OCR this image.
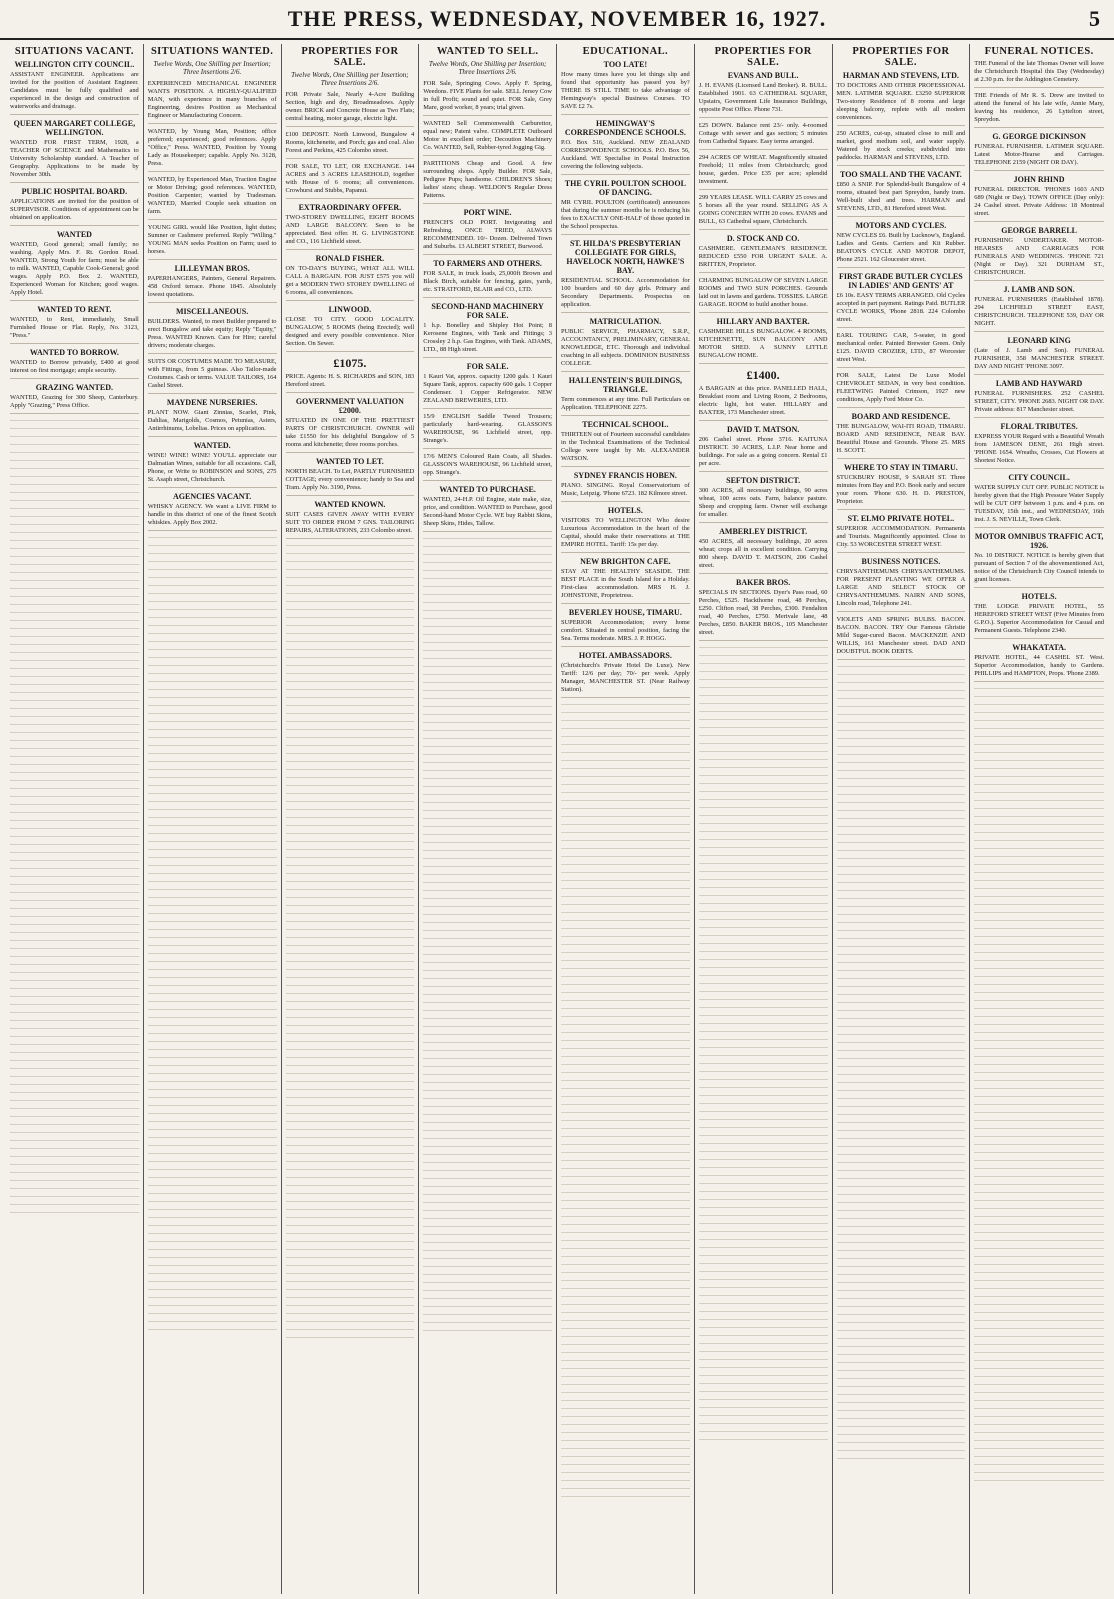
THE PRESS, WEDNESDAY, NOVEMBER 16, 1927.	5
SITUATIONS VACANT.
WELLINGTON CITY COUNCIL.
ASSISTANT ENGINEER. Applications are invited for the position of Assistant Engineer. Candidates must be fully qualified and experienced in the design and construction of waterworks and drainage.
QUEEN MARGARET COLLEGE, WELLINGTON.
WANTED FOR FIRST TERM, 1928, a TEACHER OF SCIENCE and Mathematics to University Scholarship standard. A Teacher of Geography. Applications to be made by November 30th.
PUBLIC HOSPITAL BOARD.
APPLICATIONS are invited for the position of SUPERVISOR. Conditions of appointment can be obtained on application.
WANTED
WANTED, Good general; small family; no washing. Apply Mrs. F. Rt. Gordon Road. WANTED, Strong Youth for farm; must be able to milk. WANTED, Capable Cook-General; good wages. Apply P.O. Box 2. WANTED, Experienced Woman for Kitchen; good wages. Apply Hotel.
WANTED TO RENT.
WANTED, to Rent, immediately, Small Furnished House or Flat. Reply, No. 3123, "Press."
WANTED TO BORROW.
WANTED to Borrow privately, £400 at good interest on first mortgage; ample security.
GRAZING WANTED.
WANTED, Grazing for 300 Sheep, Canterbury. Apply "Grazing," Press Office.
SITUATIONS WANTED.
Twelve Words, One Shilling per Insertion; Three Insertions 2/6.
EXPERIENCED MECHANICAL ENGINEER WANTS POSITION. A HIGHLY-QUALIFIED MAN, with experience in many branches of Engineering, desires Position as Mechanical Engineer or Manufacturing Concern.
WANTED, by Young Man, Position; office preferred; experienced; good references. Apply "Office," Press. WANTED, Position by Young Lady as Housekeeper; capable. Apply No. 3128, Press.
WANTED, by Experienced Man, Traction Engine or Motor Driving; good references. WANTED, Position Carpenter; wanted by Tradesman. WANTED, Married Couple seek situation on farm.
YOUNG GIRL would like Position, light duties; Sumner or Cashmere preferred. Reply "Willing." YOUNG MAN seeks Position on Farm; used to horses.
LILLEYMAN BROS.
PAPERHANGERS, Painters, General Repairers. 458 Oxford terrace. Phone 1845. Absolutely lowest quotations.
MISCELLANEOUS.
BUILDERS. Wanted, to meet Builder prepared to erect Bungalow and take equity; Reply "Equity," Press. WANTED Known. Cars for Hire; careful drivers; moderate charges.
SUITS OR COSTUMES MADE TO MEASURE, with Fittings, from 5 guineas. Also Tailor-made Costumes. Cash or terms. VALUE TAILORS, 164 Cashel Street.
MAYDENE NURSERIES.
PLANT NOW. Giant Zinnias, Scarlet, Pink, Dahlias, Marigolds, Cosmos, Petunias, Asters, Antirrhinums, Lobelias. Prices on application.
WANTED.
WINE! WINE! WINE! YOU'LL appreciate our Dalmatian Wines, suitable for all occasions. Call, Phone, or Write to ROBINSON and SONS, 275 St. Asaph street, Christchurch.
AGENCIES VACANT.
WHISKY AGENCY. We want a LIVE FIRM to handle in this district of one of the finest Scotch whiskies. Apply Box 2002.
PROPERTIES FOR SALE.
Twelve Words, One Shilling per Insertion; Three Insertions 2/6.
FOR Private Sale, Nearly 4-Acre Building Section, high and dry, Broadmeadows. Apply owner. BRICK and Concrete House as Two Flats; central heating, motor garage, electric light.
£100 DEPOSIT. North Linwood, Bungalow 4 Rooms, kitchenette, and Porch; gas and coal. Also Forest and Perkins, 425 Colombo street.
FOR SALE, TO LET, OR EXCHANGE. 144 ACRES and 3 ACRES LEASEHOLD, together with House of 6 rooms; all conveniences. Crowhurst and Stubbs, Papanui.
EXTRAORDINARY OFFER.
TWO-STOREY DWELLING, EIGHT ROOMS AND LARGE BALCONY. Seen to be appreciated. Best offer. H. G. LIVINGSTONE and CO., 116 Lichfield street.
RONALD FISHER.
ON TO-DAY'S BUYING, WHAT ALL WILL CALL A BARGAIN. FOR JUST £575 you will get a MODERN TWO STOREY DWELLING of 6 rooms, all conveniences.
LINWOOD.
CLOSE TO CITY. GOOD LOCALITY. BUNGALOW, 5 ROOMS (being Erected); well designed and every possible convenience. Nice Section. On Sewer.
£1075.
PRICE. Agents: H. S. RICHARDS and SON, 183 Hereford street.
GOVERNMENT VALUATION £2000.
SITUATED IN ONE OF THE PRETTIEST PARTS OF CHRISTCHURCH. OWNER will take £1550 for his delightful Bungalow of 5 rooms and kitchenette; three rooms porches.
WANTED TO LET.
NORTH BEACH. To Let, PARTLY FURNISHED COTTAGE; every convenience; handy to Sea and Tram. Apply No. 3190, Press.
WANTED KNOWN.
SUIT CASES GIVEN AWAY WITH EVERY SUIT TO ORDER FROM 7 GNS. TAILORING REPAIRS, ALTERATIONS, 233 Colombo street.
WANTED TO SELL.
Twelve Words, One Shilling per Insertion; Three Insertions 2/6.
FOR Sale, Springing Cows. Apply F. Spring, Weedons. FIVE Plants for sale. SELL Jersey Cow in full Profit; sound and quiet. FOR Sale, Grey Mare, good worker, 8 years; trial given.
WANTED Sell Commonwealth Carburettor, equal new; Patent valve. COMPLETE Outboard Motor in excellent order; Decoution Machinery Co. WANTED, Sell, Rubber-tyred Jogging Gig.
PARTITIONS Cheap and Good. A few surrounding shops. Apply Builder. FOR Sale, Pedigree Pups; handsome. CHILDREN'S Shoes; ladies' sizes; cheap. WELDON'S Regular Dress Patterns.
PORT WINE.
FRENCH'S OLD PORT. Invigorating and Refreshing. ONCE TRIED, ALWAYS RECOMMENDED. 10/- Dozen. Delivered Town and Suburbs. 13 ALBERT STREET, Burwood.
TO FARMERS AND OTHERS.
FOR SALE, in truck loads, 25,000ft Brown and Black Birch, suitable for fencing, gates, yards, etc. STRATFORD, BLAIR and CO., LTD.
SECOND-HAND MACHINERY FOR SALE.
1 h.p. Bonelley and Shipley Hot Point; 8 Kerosene Engines, with Tank and Fittings; 3 Crossley 2 h.p. Gas Engines, with Tank. ADAMS, LTD., 88 High street.
FOR SALE.
1 Kauri Vat, approx. capacity 1200 gals. 1 Kauri Square Tank, approx. capacity 600 gals. 1 Copper Condenser. 1 Copper Refrigerator. NEW ZEALAND BREWERIES, LTD.
15/9 ENGLISH Saddle Tweed Trousers; particularly hard-wearing. GLASSON'S WAREHOUSE, 96 Lichfield street, opp. Strange's.
17/6 MEN'S Coloured Rain Coats, all Shades. GLASSON'S WAREHOUSE, 96 Lichfield street, opp. Strange's.
WANTED TO PURCHASE.
WANTED, 24-H.P. Oil Engine, state make, size, price, and condition. WANTED to Purchase, good Second-hand Motor Cycle. WE buy Rabbit Skins, Sheep Skins, Hides, Tallow.
EDUCATIONAL.
TOO LATE!
How many times have you let things slip and found that opportunity has passed you by? THERE IS STILL TIME to take advantage of Hemingway's special Business Courses. TO SAVE £2 7s.
HEMINGWAY'S CORRESPONDENCE SCHOOLS.
P.O. Box 516, Auckland. NEW ZEALAND CORRESPONDENCE SCHOOLS. P.O. Box 56, Auckland. WE Specialise in Postal Instruction covering the following subjects.
THE CYRIL POULTON SCHOOL OF DANCING.
MR CYRIL POULTON (certificated) announces that during the summer months he is reducing his fees to EXACTLY ONE-HALF of those quoted in the School prospectus.
ST. HILDA'S PRESBYTERIAN COLLEGIATE FOR GIRLS, HAVELOCK NORTH, HAWKE'S BAY.
RESIDENTIAL SCHOOL. Accommodation for 100 boarders and 60 day girls. Primary and Secondary Departments. Prospectus on application.
MATRICULATION.
PUBLIC SERVICE, PHARMACY, S.R.P., ACCOUNTANCY, PRELIMINARY, GENERAL KNOWLEDGE, ETC. Thorough and individual coaching in all subjects. DOMINION BUSINESS COLLEGE.
HALLENSTEIN'S BUILDINGS, TRIANGLE.
Term commences at any time. Full Particulars on Application. TELEPHONE 2275.
TECHNICAL SCHOOL.
THIRTEEN out of Fourteen successful candidates in the Technical Examinations of the Technical College were taught by Mr. ALEXANDER WATSON.
SYDNEY FRANCIS HOBEN.
PIANO. SINGING. Royal Conservatorium of Music, Leipzig. 'Phone 6723. 182 Kilmore street.
HOTELS.
VISITORS TO WELLINGTON Who desire Luxurious Accommodation in the heart of the Capital, should make their reservations at THE EMPIRE HOTEL. Tariff: 15s per day.
NEW BRIGHTON CAFE.
STAY AT THE HEALTHY SEASIDE. THE BEST PLACE in the South Island for a Holiday. First-class accommodation. MRS H. J. JOHNSTONE, Proprietress.
BEVERLEY HOUSE, TIMARU.
SUPERIOR Accommodation; every home comfort. Situated in central position, facing the Sea. Terms moderate. MRS. J. P. HOGG.
HOTEL AMBASSADORS.
(Christchurch's Private Hotel De Luxe). New Tariff: 12/6 per day; 70/- per week. Apply Manager, MANCHESTER ST. (Near Railway Station).
PROPERTIES FOR SALE.
EVANS AND BULL.
J. H. EVANS (Licensed Land Broker). R. BULL. Established 1901. 63 CATHEDRAL SQUARE, Upstairs, Government Life Insurance Buildings, opposite Post Office. Phone 731.
£25 DOWN. Balance rent 23/- only. 4-roomed Cottage with sewer and gas section; 5 minutes from Cathedral Square. Easy terms arranged.
294 ACRES OF WHEAT. Magnificently situated Freehold; 11 miles from Christchurch; good house, garden. Price £35 per acre; splendid investment.
299 YEARS LEASE. WILL CARRY 25 cows and 5 horses all the year round. SELLING AS A GOING CONCERN WITH 20 cows. EVANS and BULL, 63 Cathedral square, Christchurch.
D. STOCK AND CO.
CASHMERE. GENTLEMAN'S RESIDENCE. REDUCED £550 FOR URGENT SALE. A. BRITTEN, Proprietor.
CHARMING BUNGALOW OF SEVEN LARGE ROOMS and TWO SUN PORCHES. Grounds laid out in lawns and gardens. TOSSIES. LARGE GARAGE. ROOM to build another house.
HILLARY AND BAXTER.
CASHMERE HILLS BUNGALOW. 4 ROOMS, KITCHENETTE, SUN BALCONY AND MOTOR SHED. A SUNNY LITTLE BUNGALOW HOME.
£1400.
A BARGAIN at this price. PANELLED HALL, Breakfast room and Living Room, 2 Bedrooms, electric light, hot water. HILLARY and BAXTER, 173 Manchester street.
DAVID T. MATSON.
206 Cashel street. Phone 3716. KAITUNA DISTRICT. 30 ACRES, L.I.P. Near home and buildings. For sale as a going concern. Rental £1 per acre.
SEFTON DISTRICT.
300 ACRES, all necessary buildings, 90 acres wheat, 100 acres oats. Farm, balance pasture. Sheep and cropping farm. Owner will exchange for smaller.
AMBERLEY DISTRICT.
450 ACRES, all necessary buildings, 20 acres wheat; crops all in excellent condition. Carrying 800 sheep. DAVID T. MATSON, 206 Cashel street.
BAKER BROS.
SPECIALS IN SECTIONS. Dyer's Pass road, 60 Perches, £525. Hackthorne road, 48 Perches, £250. Clifton road, 38 Perches, £300. Fendalton road, 40 Perches, £750. Merivale lane, 48 Perches, £850. BAKER BROS., 105 Manchester street.
PROPERTIES FOR SALE.
HARMAN AND STEVENS, LTD.
TO DOCTORS AND OTHER PROFESSIONAL MEN. LATIMER SQUARE. £3250 SUPERIOR Two-storey Residence of 8 rooms and large sleeping balcony, replete with all modern conveniences.
250 ACRES, cut-up, situated close to mill and market, good medium soil, and water supply. Watered by stock creeks; subdivided into paddocks. HARMAN and STEVENS, LTD.
TOO SMALL AND THE VACANT.
£850 A SNIP. For Splendid-built Bungalow of 4 rooms, situated best part Spreydon, handy tram. Well-built shed and trees. HARMAN and STEVENS, LTD., 81 Hereford street West.
MOTORS AND CYCLES.
NEW CYCLES £6. Built by Lucknow's, England. Ladies and Gents. Carriers and Kit Rubber. BEATON'S CYCLE AND MOTOR DEPOT, Phone 2521. 162 Gloucester street.
FIRST GRADE BUTLER CYCLES IN LADIES' AND GENTS' AT
£6 10s. EASY TERMS ARRANGED. Old Cycles accepted in part payment. Ratings Paid. BUTLER CYCLE WORKS, 'Phone 2818. 224 Colombo street.
EARL TOURING CAR, 5-seater, in good mechanical order. Painted Brewster Green. Only £125. DAVID CROZIER, LTD., 87 Worcester street West.
FOR SALE, Latest De Luxe Model CHEVROLET SEDAN, in very best condition. FLEETWING Painted Crimson, 1927 new conditions, Apply Ford Motor Co.
BOARD AND RESIDENCE.
THE BUNGALOW, WAI-ITI ROAD, TIMARU. BOARD AND RESIDENCE, NEAR BAY. Beautiful House and Grounds. 'Phone 25. MRS H. SCOTT.
WHERE TO STAY IN TIMARU.
STUCKBURY HOUSE, 9 SARAH ST. Three minutes from Bay and P.O. Book early and secure your room. 'Phone 630. H. D. PRESTON, Proprietor.
ST. ELMO PRIVATE HOTEL.
SUPERIOR ACCOMMODATION. Permanents and Tourists. Magnificently appointed. Close to City. 53 WORCESTER STREET WEST.
BUSINESS NOTICES.
CHRYSANTHEMUMS CHRYSANTHEMUMS. FOR PRESENT PLANTING WE OFFER A LARGE AND SELECT STOCK OF CHRYSANTHEMUMS. NAIRN AND SONS, Lincoln road, Telephone 241.
VIOLETS AND SPRING BULBS. BACON. BACON. BACON. TRY Our Famous Ghristie Mild Sugar-cured Bacon. MACKENZIE AND WILLIS, 161 Manchester street. DAD AND DOUBTFUL BOOK DEBTS.
FUNERAL NOTICES.
THE Funeral of the late Thomas Owner will leave the Christchurch Hospital this Day (Wednesday) at 2.30 p.m. for the Addington Cemetery.
THE Friends of Mr R. S. Drew are invited to attend the funeral of his late wife, Annie Mary, leaving his residence, 26 Lyttelton street, Spreydon.
G. GEORGE DICKINSON
FUNERAL FURNISHER. LATIMER SQUARE. Latest Motor-Hearse and Carriages. TELEPHONE 2159 (NIGHT OR DAY).
JOHN RHIND
FUNERAL DIRECTOR. 'PHONES 1603 AND 689 (Night or Day). TOWN OFFICE (Day only): 24 Cashel street. Private Address: 18 Montreal street.
GEORGE BARRELL
FURNISHING UNDERTAKER. MOTOR-HEARSES AND CARRIAGES FOR FUNERALS AND WEDDINGS. 'PHONE 721 (Night or Day). 321 DURHAM ST., CHRISTCHURCH.
J. LAMB AND SON.
FUNERAL FURNISHERS (Established 1878). 294 LICHFIELD STREET EAST, CHRISTCHURCH. TELEPHONE 539, DAY OR NIGHT.
LEONARD KING
(Late of J. Lamb and Son). FUNERAL FURNISHER, 358 MANCHESTER STREET. DAY AND NIGHT 'PHONE 3097.
LAMB AND HAYWARD
FUNERAL FURNISHERS. 252 CASHEL STREET, CITY. 'PHONE 2683. NIGHT OR DAY. Private address: 817 Manchester street.
FLORAL TRIBUTES.
EXPRESS YOUR Regard with a Beautiful Wreath from JAMESON DENE, 261 High street. 'PHONE 1654. Wreaths, Crosses, Cut Flowers at Shortest Notice.
CITY COUNCIL.
WATER SUPPLY CUT OFF. PUBLIC NOTICE is hereby given that the High Pressure Water Supply will be CUT OFF between 1 p.m. and 4 p.m. on TUESDAY, 15th inst., and WEDNESDAY, 16th inst. J. S. NEVILLE, Town Clerk.
MOTOR OMNIBUS TRAFFIC ACT, 1926.
No. 10 DISTRICT. NOTICE is hereby given that pursuant of Section 7 of the abovementioned Act, notice of the Christchurch City Council intends to grant licenses.
HOTELS.
THE LODGE PRIVATE HOTEL, 55 HEREFORD STREET WEST (Five Minutes from G.P.O.). Superior Accommodation for Casual and Permanent Guests. Telephone 2340.
WHAKATATA.
PRIVATE HOTEL, 44 CASHEL ST. West. Superior Accommodation, handy to Gardens. PHILLIPS and HAMPTON, Props. 'Phone 2389.
